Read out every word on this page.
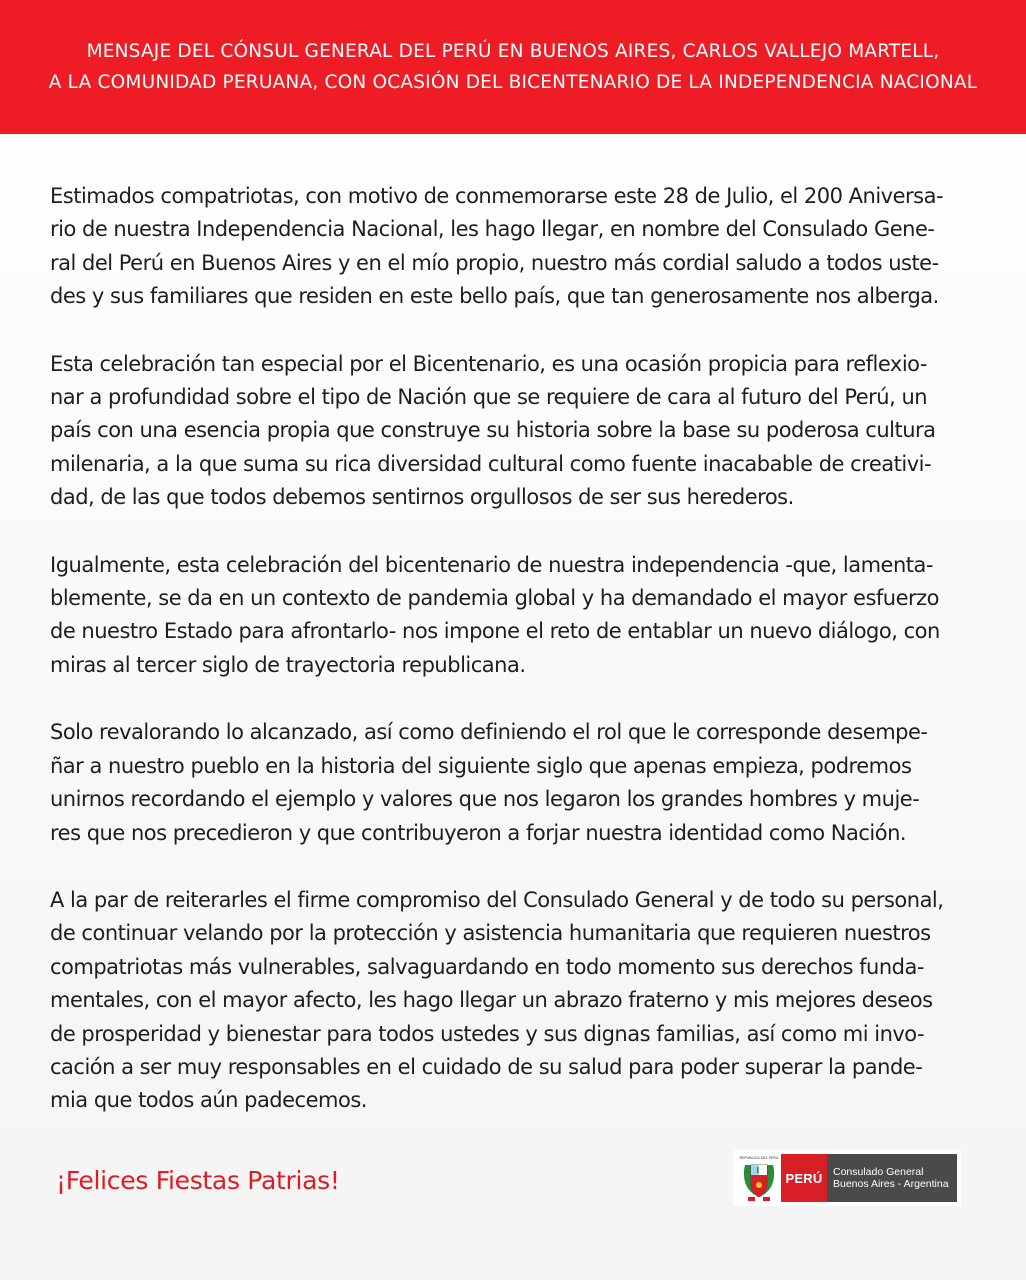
MENSAJE DEL CÓNSUL GENERAL DEL PERÚ EN BUENOS AIRES, CARLOS VALLEJO MARTELL,
A LA COMUNIDAD PERUANA, CON OCASIÓN DEL BICENTENARIO DE LA INDEPENDENCIA NACIONAL
Estimados compatriotas, con motivo de conmemorarse este 28 de Julio, el 200 Aniversa-
rio de nuestra Independencia Nacional, les hago llegar, en nombre del Consulado Gene-
ral del Perú en Buenos Aires y en el mío propio, nuestro más cordial saludo a todos uste-
des y sus familiares que residen en este bello país, que tan generosamente nos alberga.
Esta celebración tan especial por el Bicentenario, es una ocasión propicia para reflexio-
nar a profundidad sobre el tipo de Nación que se requiere de cara al futuro del Perú, un
país con una esencia propia que construye su historia sobre la base su poderosa cultura
milenaria, a la que suma su rica diversidad cultural como fuente inacabable de creativi-
dad, de las que todos debemos sentirnos orgullosos de ser sus herederos.
Igualmente, esta celebración del bicentenario de nuestra independencia -que, lamenta-
blemente, se da en un contexto de pandemia global y ha demandado el mayor esfuerzo
de nuestro Estado para afrontarlo- nos impone el reto de entablar un nuevo diálogo, con
miras al tercer siglo de trayectoria republicana.
Solo revalorando lo alcanzado, así como definiendo el rol que le corresponde desempe-
ñar a nuestro pueblo en la historia del siguiente siglo que apenas empieza, podremos
unirnos recordando el ejemplo y valores que nos legaron los grandes hombres y muje-
res que nos precedieron y que contribuyeron a forjar nuestra identidad como Nación.
A la par de reiterarles el firme compromiso del Consulado General y de todo su personal,
de continuar velando por la protección y asistencia humanitaria que requieren nuestros
compatriotas más vulnerables, salvaguardando en todo momento sus derechos funda-
mentales, con el mayor afecto, les hago llegar un abrazo fraterno y mis mejores deseos
de prosperidad y bienestar para todos ustedes y sus dignas familias, así como mi invo-
cación a ser muy responsables en el cuidado de su salud para poder superar la pande-
mia que todos aún padecemos.
¡Felices Fiestas Patrias!
REPÚBLICA DEL PERÚ
PERÚ Consulado General
Buenos Aires - Argentina
